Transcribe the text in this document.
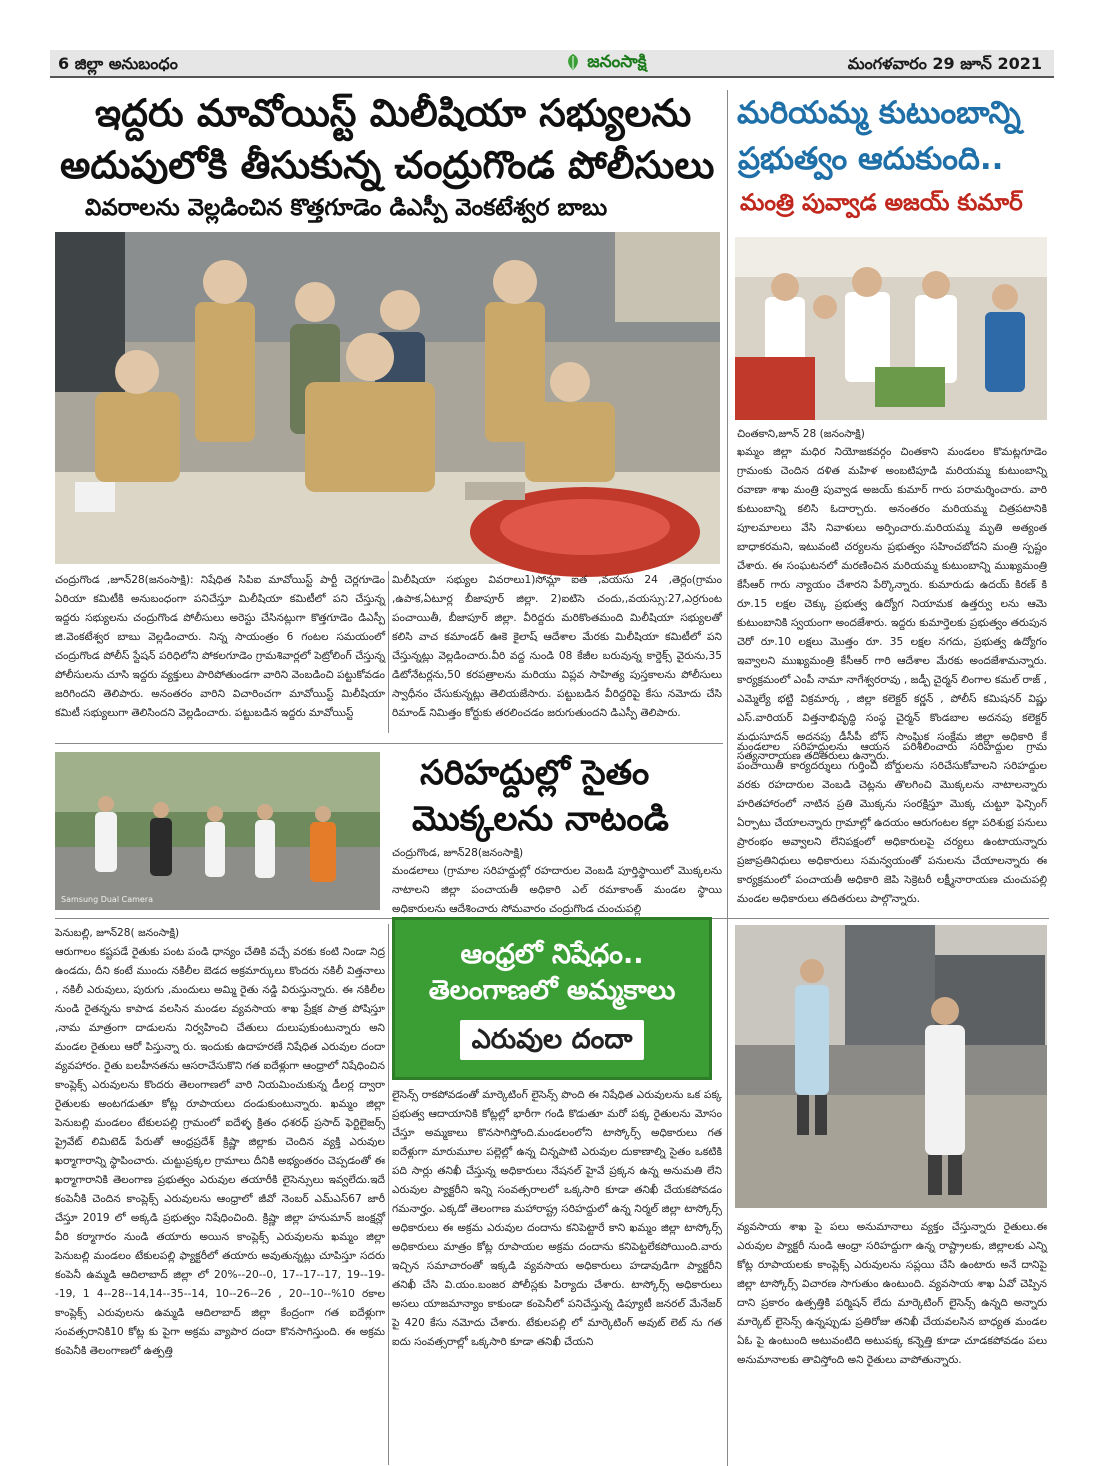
6 జిల్లా అనుబంధం	జనంసాక్షి	మంగళవారం 29 జూన్ 2021
ఇద్దరు మావోయిస్ట్ మిలీషియా సభ్యులను
అదుపులోకి తీసుకున్న చంద్రుగొండ పోలీసులు
వివరాలను వెల్లడించిన కొత్తగూడెం డిఎస్పీ వెంకటేశ్వర బాబు
చంద్రుగొండ ,జూన్28(జనంసాక్షి): నిషేధిత సిపిఐ మావోయిస్ట్ పార్టీ చెర్లగూడెం ఏరియా కమిటీకి అనుబంధంగా పనిచేస్తూ మిలీషియా కమిటీలో పని చేస్తున్న ఇద్దరు సభ్యులను చంద్రుగొండ పోలీసులు అరెస్టు చేసినట్లుగా కొత్తగూడెం డిఎస్పీ జి.వెంకటేశ్వర బాబు వెల్లడించారు. నిన్న సాయంత్రం 6 గంటల సమయంలో చంద్రుగొండ పోలీస్ స్టేషన్ పరిధిలోని పోకలగూడెం గ్రామశివార్లలో పెట్రోలింగ్ చేస్తున్న పోలీసులను చూసి ఇద్దరు వ్యక్తులు పారిపోతుండగా వారిని వెంబడించి పట్టుకోవడం జరిగిందని తెలిపారు. అనంతరం వారిని విచారించగా మావోయిస్ట్ మిలీషియా కమిటీ సభ్యులుగా తెలిసిందని వెల్లడించారు. పట్టుబడిన ఇద్దరు మావోయిస్ట్
మిలీషియా సభ్యుల వివరాలు1)సోమ్లా ఐత ,వయసు 24 ,తెర్లం(గ్రామం ,ఉపాక,ఏటూర్ల బీజాపూర్ జిల్లా. 2)ఐటిసె చందు,,వయస్సు:27,ఎర్రగుంట పంచాయితీ, బీజాపూర్ జిల్లా. వీరిద్దరు మరికొంతమంది మిలీషియా సభ్యులతో కలిసి వాచ కమాండర్ ఊకె కైలాష్ ఆదేశాల మేరకు మిలీషియా కమిటీలో పని చేస్తున్నట్లు వెల్లడించారు.వీరి వద్ద నుండి 08 కేజీల బరువున్న కార్డెక్స్ వైరును,35 డిటోనేటర్లను,50 కరపత్రాలను మరియు విప్లవ సాహిత్య పుస్తకాలను పోలీసులు స్వాధీనం చేసుకున్నట్లు తెలియజేసారు. పట్టుబడిన వీరిద్దరిపై కేసు నమోదు చేసి రిమాండ్ నిమిత్తం కోర్టుకు తరలించడం జరుగుతుందని డిఎస్పీ తెలిపారు.
మరియమ్మ కుటుంబాన్ని
ప్రభుత్వం ఆదుకుంది..
మంత్రి పువ్వాడ అజయ్ కుమార్
చింతకాని,జూన్ 28 (జనంసాక్షి)
ఖమ్మం జిల్లా మధిర నియోజకవర్గం చింతకాని మండలం కొమట్లగూడెం గ్రామంకు చెందిన దళిత మహిళ అంబటిపూడి మరియమ్మ కుటుంబాన్ని రవాణా శాఖ మంత్రి పువ్వాడ అజయ్ కుమార్ గారు పరామర్శించారు. వారి కుటుంబాన్ని కలిసి ఓదార్చారు. అనంతరం మరియమ్మ చిత్రపటానికి పూలమాలలు వేసి నివాళులు అర్పించారు.మరియమ్మ మృతి అత్యంత బాధాకరమని, ఇటువంటి చర్యలను ప్రభుత్వం సహించబోదని మంత్రి స్పష్టం చేశారు. ఈ సంఘటనలో మరణించిన మరియమ్మ కుటుంబాన్ని ముఖ్యమంత్రి కేసీఆర్ గారు న్యాయం చేశారని పేర్కొన్నారు. కుమారుడు ఉదయ్ కిరణ్ కి రూ.15 లక్షల చెక్కు ప్రభుత్వ ఉద్యోగ నియామక ఉత్తర్వు లను ఆమె కుటుంబానికి స్వయంగా అందజేశారు. ఇద్దరు కుమార్తెలకు ప్రభుత్వం తరుపున చెరో రూ.10 లక్షలు మొత్తం రూ. 35 లక్షల నగదు, ప్రభుత్వ ఉద్యోగం ఇవ్వాలని ముఖ్యమంత్రి కేసీఆర్ గారి ఆదేశాల మేరకు అందజేశామన్నారు. కార్యక్రమంలో ఎంపీ నామా నాగేశ్వరరావు , జడ్పీ చైర్మన్ లింగాల కమల్ రాజ్ , ఎమ్మెల్యే భట్టి విక్రమార్క , జిల్లా కలెక్టర్ కర్ణన్ , పోలీస్ కమిషనర్ విష్ణు ఎస్.వారియర్ విత్తనాభివృద్ధి సంస్థ చైర్మన్ కొండబాల అదనపు కలెక్టర్ మధుసూదన్ అదనపు డీసీపీ బోస్ సాంఘిక సంక్షేమ జిల్లా అధికారి కే సత్యనారాయణ తదితరులు ఉన్నారు.
Samsung Dual Camera
సరిహద్దుల్లో సైతం
మొక్కలను నాటండి
చంద్రుగొండ, జూన్28(జనంసాక్షి)
మండలాలు (గ్రామాల సరిహద్దుల్లో రహదారుల వెంబడి పూర్తిస్థాయిలో మొక్కలను నాటాలని జిల్లా పంచాయతీ అధికారి ఎల్ రమాకాంత్ మండల స్థాయి అధికారులను ఆదేశించారు సోమవారం చంద్రుగొండ చుంచుపల్లి
మండలాల సరిహద్దులను ఆయన పరిశీలించారు సరిహద్దుల గ్రామ పంచాయితీ కార్యదర్శులు గుర్తించి బోర్డులను సరిచేసుకోవాలని సరిహద్దుల వరకు రహదారుల వెంబడి చెట్లను తొలగించి మొక్కలను నాటాలన్నారు హరితహారంలో నాటిన ప్రతి మొక్కను సంరక్షిస్తూ మొక్క చుట్టూ ఫెన్సింగ్ ఏర్పాటు చేయాలన్నారు గ్రామాల్లో ఉదయం ఆరుగంటల కల్లా పరిశుభ్ర పనులు ప్రారంభం అవ్వాలని లేనిపక్షంలో అధికారులపై చర్యలు ఉంటాయన్నారు ప్రజాప్రతినిధులు అధికారులు సమన్వయంతో పనులను చేయాలన్నారు ఈ కార్యక్రమంలో పంచాయతీ అధికారి జెపి సెక్రెటరీ లక్ష్మీనారాయణ చుంచుపల్లి మండల అధికారులు తదితరులు పాల్గొన్నారు.
పెనుబల్లి, జూన్28( జనంసాక్షి)
ఆరుగాలం కష్టపడే రైతుకు పంట పండి ధాన్యం చేతికి వచ్చే వరకు కంటి నిండా నిద్ర ఉండదు, దీని కంటే ముందు నకిలీల బెడద అక్రమార్కులు కొందరు నకిలీ విత్తనాలు , నకిలీ ఎరువులు, పురుగు ,మందులు అమ్మి రైతు నడ్డి విరుస్తున్నారు. ఈ నకిలీల నుండి రైతన్నను కాపాడ వలసిన మండల వ్యవసాయ శాఖ ప్రేక్షక పాత్ర పోషిస్తూ ,నామ మాత్రంగా దాడులను నిర్వహించి చేతులు దులుపుకుంటున్నారు అని మండల రైతులు ఆరో పిస్తున్నా రు. ఇందుకు ఉదాహరణే నిషేధిత ఎరువుల దందా వ్యవహారం. రైతు బలహీనతను ఆసరాచేసుకొని గత ఐదేళ్లుగా ఆంధ్రాలో నిషేధించిన కాంప్లెక్స్ ఎరువులను కొందరు తెలంగాణలో వారి నియమించుకున్న డీలర్ల ద్వారా రైతులకు అంటగడుతూ కోట్ల రూపాయలు దండుకుంటున్నారు. ఖమ్మం జిల్లా పెనుబల్లి మండలం టేకులపల్లి గ్రామంలో ఐదేళ్ళ క్రితం ధశరధ్ ప్రసాద్ ఫెర్టిలైజర్స్ ప్రైవేట్ లిమిటెడ్ పేరుతో ఆంధ్రప్రదేశ్ క్రిష్ణా జిల్లాకు చెందిన వ్యక్తి ఎరువుల ఖర్మాగారాన్ని స్థాపించారు. చుట్టుప్రక్కల గ్రామాలు దీనికి అభ్యంతరం చెప్పడంతో ఈ ఖర్మాగారానికి తెలంగాణ ప్రభుత్వం ఎరువుల తయారీకి లైసెన్సులు ఇవ్వలేదు.ఇదే కంపెనీకి చెందిన కాంప్లెక్స్ ఎరువులను ఆంధ్రాలో జీవో నెంబర్ ఎమ్ఎస్67 జారీ చేస్తూ 2019 లో అక్కడి ప్రభుత్వం నిషేధించింది. క్రిష్ణా జిల్లా హనుమాన్ జంక్షన్లో వీరి కర్మాగారం నుండి తయారు అయిన కాంప్లెక్స్ ఎరువులను ఖమ్మం జిల్లా పెనుబల్లి మండలం టేకులపల్లి ఫ్యాక్టరీలో తయారు అవుతున్నట్లు చూపిస్తూ సదరు కంపెనీ ఉమ్మడి ఆదిలాబాద్ జిల్లా లో 20%--20--0, 17--17--17, 19--19--19, 1 4--28--14,14--35--14, 10--26--26 , 20--10--%10 రకాల కాంప్లెక్స్ ఎరువులను ఉమ్మడి ఆదిలాబాద్ జిల్లా కేంద్రంగా గత ఐదేళ్లుగా సంవత్సరానికి10 కోట్ల కు పైగా అక్రమ వ్యాపార దందా కొనసాగిస్తుంది. ఈ అక్రమ కంపెనీకి తెలంగాణలో ఉత్పత్తి
ఆంధ్రలో నిషేధం..
తెలంగాణలో అమ్మకాలు
ఎరువుల దందా
లైసెన్స్ రాకపోవడంతో మార్కెటింగ్ లైసెన్స్ పొంది ఈ నిషేధిత ఎరువులను ఒక పక్క ప్రభుత్వ ఆదాయానికి కోట్లల్లో భారీగా గండి కొడుతూ మరో పక్క రైతులను మోసం చేస్తూ అమ్మకాలు కొనసాగిస్తోంది.మండలంలోని టాస్కోర్స్ అధికారులు గత ఐదేళ్లుగా మారుమూల పల్లెల్లో ఉన్న చిన్నపాటి ఎరువుల దుకాణాల్ని సైతం ఒకటికి పది సార్లు తనిఖీ చేస్తున్న అధికారులు నేషనల్ హైవే ప్రక్కన ఉన్న అనుమతి లేని ఎరువుల ప్యాక్టరీని ఇన్ని సంవత్సరాలలో ఒక్కసారి కూడా తనిఖీ చేయకపోవడం గమనార్హం. ఎక్కడో తెలంగాణ మహారాష్ట్ర సరిహద్దులో ఉన్న నిర్మల్ జిల్లా టాస్కోర్స్ అధికారులు ఈ అక్రమ ఎరువుల దందాను కనిపెట్టారే కాని ఖమ్మం జిల్లా టాస్కోర్స్ అధికారులు మాత్రం కోట్ల రూపాయల అక్రమ దందాను కనిపెట్టలేకపోయింది.వారు ఇచ్చిన సమాచారంతో ఇక్కడి వ్యవసాయ అధికారులు హడావుడిగా ప్యాక్టరీని తనిఖీ చేసి వి.యం.బంజర పోలీస్లకు పిర్యాదు చేశారు. టాస్కోర్స్ అధికారులు అసలు యాజమాన్యాం కాకుండా కంపెనీలో పనిచేస్తున్న డిప్యూటీ జనరల్ మేనేజర్ పై 420 కేసు నమోదు చేశారు. టేకులపల్లి లో మార్కెటింగ్ అవుట్ లెట్ ను గత ఐదు సంవత్సరాల్లో ఒక్కసారి కూడా తనిఖీ చేయని
వ్యవసాయ శాఖ పై పలు అనుమానాలు వ్యక్తం చేస్తున్నారు రైతులు.ఈ ఎరువుల ప్యాక్టరీ నుండి ఆంధ్రా సరిహద్దుగా ఉన్న రాష్ట్రాలకు, జిల్లాలకు ఎన్ని కోట్ల రూపాయలకు కాంప్లెక్స్ ఎరువులను సప్లయి చేసి ఉంటారు అనే దానిపై జిల్లా టాస్కోర్స్ విచారణ సాగుతుం ఉంటుంది. వ్యవసాయ శాఖ ఏవో చెప్పిన దాని ప్రకారం ఉత్పత్తికి పర్మిషన్ లేదు మార్కెటింగ్ లైసెన్స్ ఉన్నది అన్నారు మార్కెట్ లైసెన్స్ ఉన్నప్పుడు ప్రతిరోజు తనిఖీ చేయవలసిన బాధ్యత మండల ఏఓ పై ఉంటుంది అటువంటిది అటుపక్క కన్నెత్తి కూడా చూడకపోవడం పలు అనుమానాలకు తావిస్తోంది అని రైతులు వాపోతున్నారు.
